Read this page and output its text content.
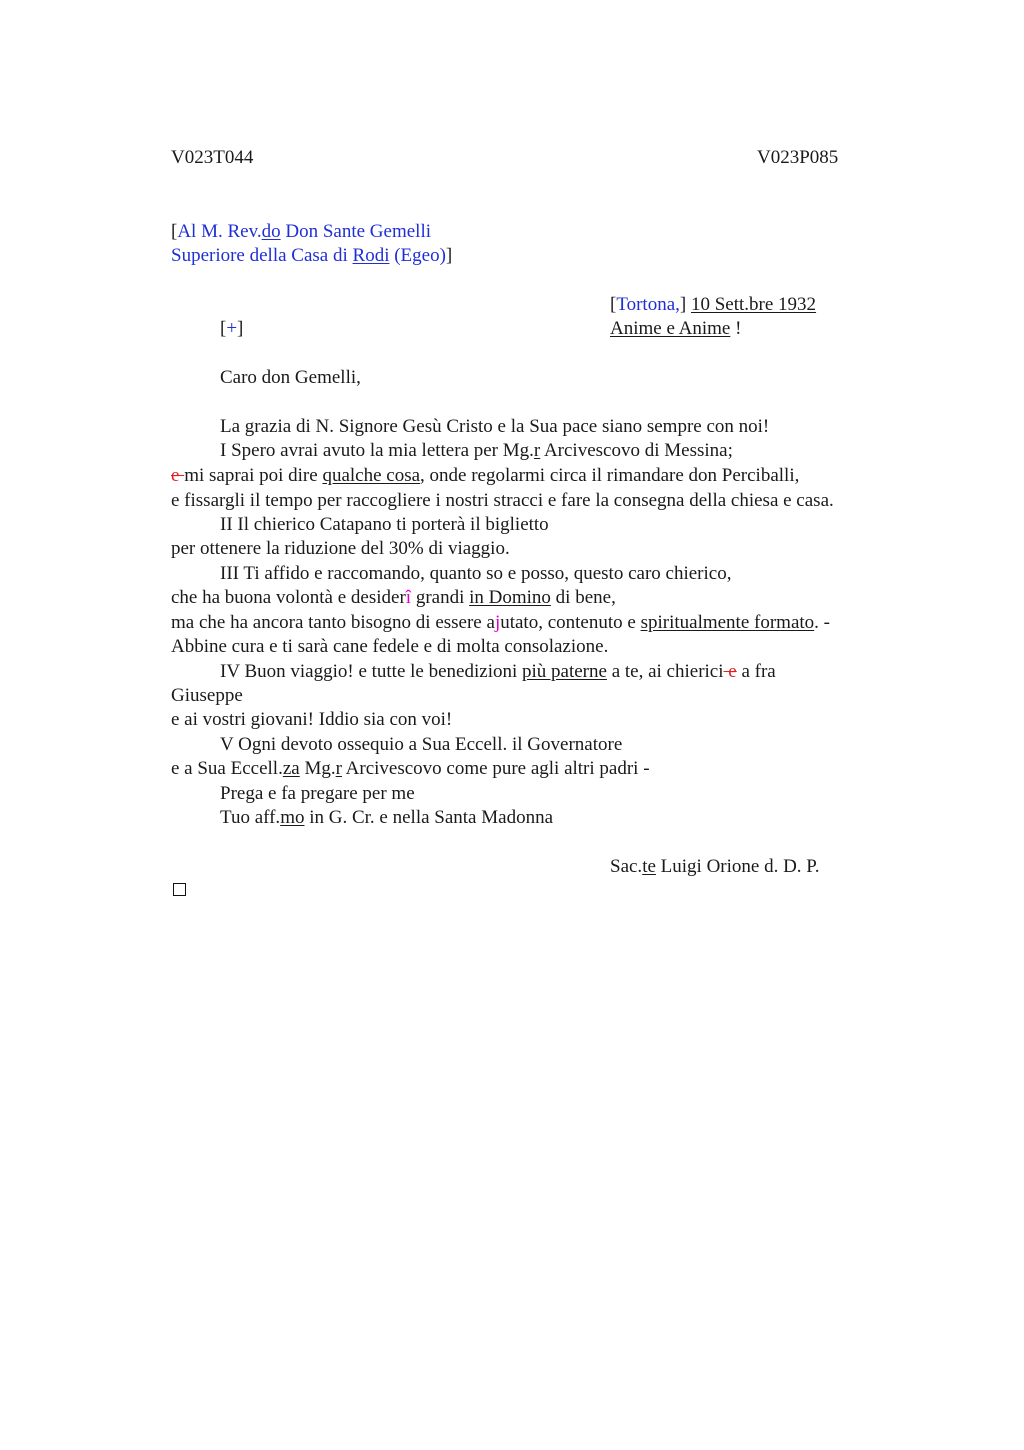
V023T044	V023P085
[Al M. Rev.do Don Sante Gemelli
Superiore della Casa di Rodi (Egeo)]
[Tortona,] 10 Sett.bre 1932
Anime e Anime !
[+]
Caro don Gemelli,
La grazia di N. Signore Gesù Cristo e la Sua pace siano sempre con noi!
I Spero avrai avuto la mia lettera per Mg.r Arcivescovo di Messina;
e mi saprai poi dire qualche cosa, onde regolarmi circa il rimandare don Perciballi,
e fissargli il tempo per raccogliere i nostri stracci e fare la consegna della chiesa e casa.
II Il chierico Catapano ti porterà il biglietto
per ottenere la riduzione del 30% di viaggio.
III Ti affido e raccomando, quanto so e posso, questo caro chierico,
che ha buona volontà e desiderî grandi in Domino di bene,
ma che ha ancora tanto bisogno di essere ajutato, contenuto e spiritualmente formato. -
Abbine cura e ti sarà cane fedele e di molta consolazione.
IV Buon viaggio! e tutte le benedizioni più paterne a te, ai chierici e a fra
Giuseppe
e ai vostri giovani! Iddio sia con voi!
V Ogni devoto ossequio a Sua Eccell. il Governatore
e a Sua Eccell.za Mg.r Arcivescovo come pure agli altri padri -
Prega e fa pregare per me
Tuo aff.mo in G. Cr. e nella Santa Madonna
Sac.te Luigi Orione d. D. P.
